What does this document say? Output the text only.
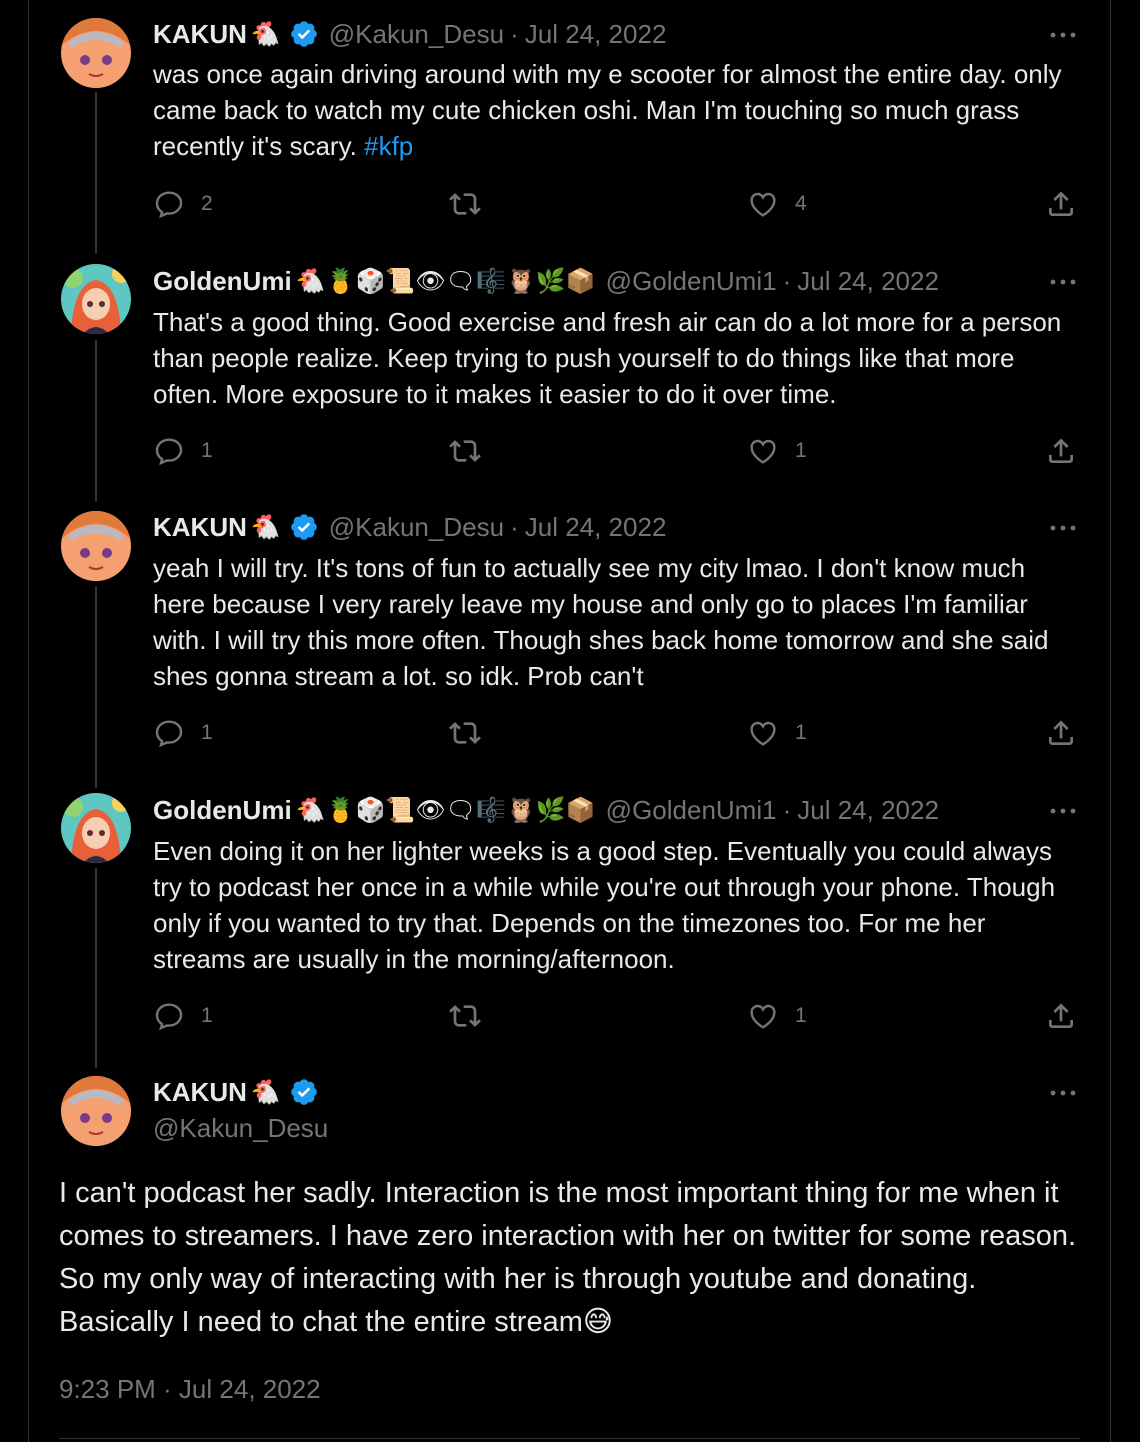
KAKUN 🐔 @Kakun_Desu · Jul 24, 2022
was once again driving around with my e scooter for almost the entire day. only came back to watch my cute chicken oshi. Man I'm touching so much grass recently it's scary. #kfp
2	4
GoldenUmi 🐔🍍🎲📜👁🗨🎼🦉🌿📦 @GoldenUmi1 · Jul 24, 2022
That's a good thing. Good exercise and fresh air can do a lot more for a person than people realize. Keep trying to push yourself to do things like that more often. More exposure to it makes it easier to do it over time.
1	1
KAKUN 🐔 @Kakun_Desu · Jul 24, 2022
yeah I will try. It's tons of fun to actually see my city lmao. I don't know much here because I very rarely leave my house and only go to places I'm familiar with. I will try this more often. Though shes back home tomorrow and she said shes gonna stream a lot. so idk. Prob can't
1	1
GoldenUmi 🐔🍍🎲📜👁🗨🎼🦉🌿📦 @GoldenUmi1 · Jul 24, 2022
Even doing it on her lighter weeks is a good step. Eventually you could always try to podcast her once in a while while you're out through your phone. Though only if you wanted to try that. Depends on the timezones too. For me her streams are usually in the morning/afternoon.
1	1
KAKUN 🐔
@Kakun_Desu
I can't podcast her sadly. Interaction is the most important thing for me when it comes to streamers. I have zero interaction with her on twitter for some reason. So my only way of interacting with her is through youtube and donating. Basically I need to chat the entire stream😅
9:23 PM · Jul 24, 2022
